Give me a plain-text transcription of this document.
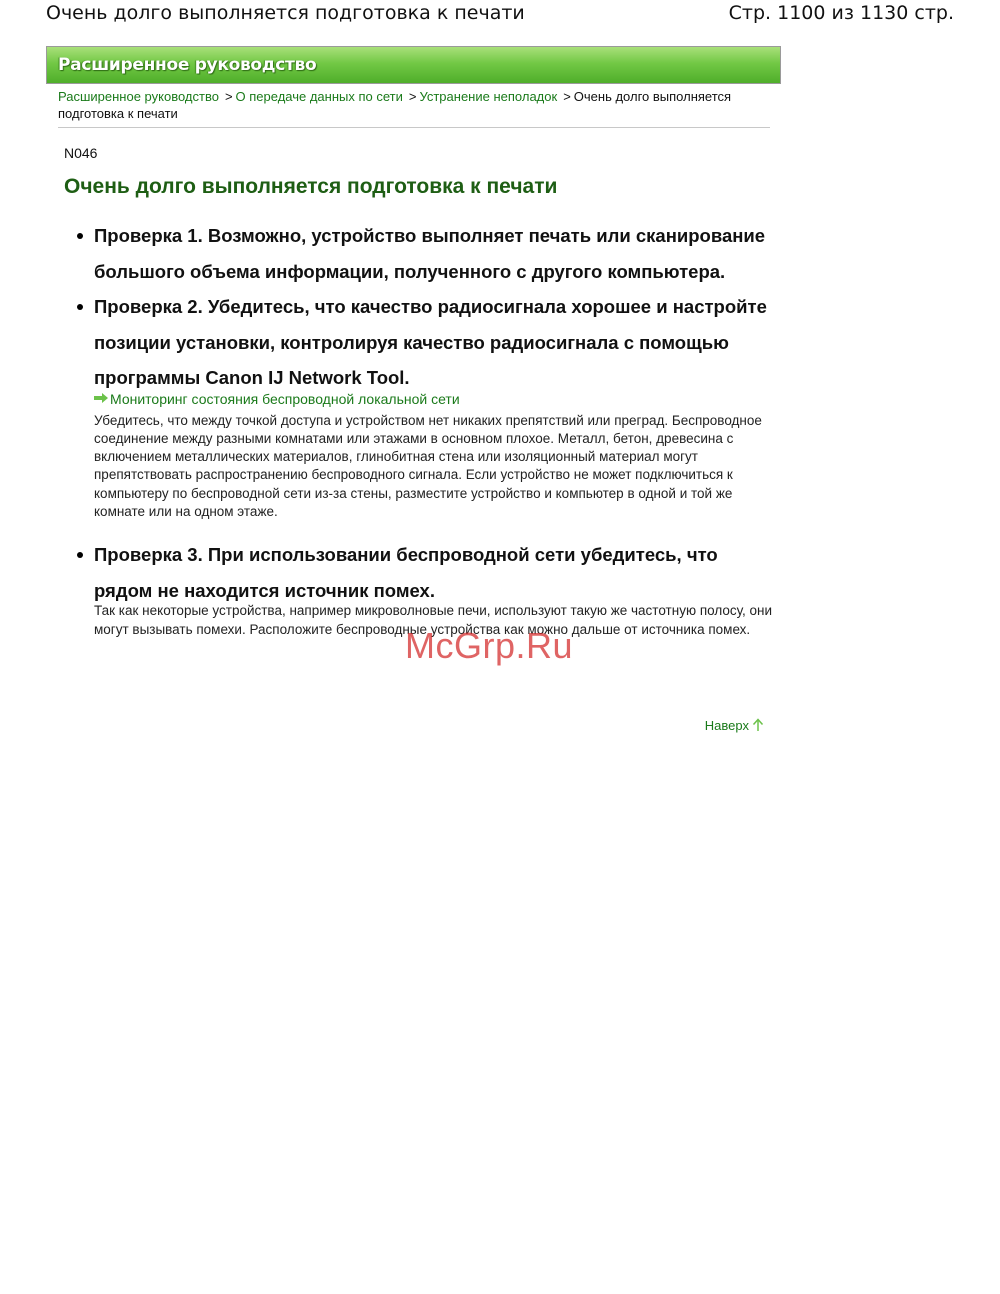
Очень долго выполняется подготовка к печати	Стр. 1100 из 1130 стр.
Расширенное руководство
Расширенное руководство > О передаче данных по сети > Устранение неполадок > Очень долго выполняется подготовка к печати
N046
Очень долго выполняется подготовка к печати
Проверка 1. Возможно, устройство выполняет печать или сканирование большого объема информации, полученного с другого компьютера.
Проверка 2. Убедитесь, что качество радиосигнала хорошее и настройте позиции установки, контролируя качество радиосигнала с помощью программы Canon IJ Network Tool.
Мониторинг состояния беспроводной локальной сети
Убедитесь, что между точкой доступа и устройством нет никаких препятствий или преград. Беспроводное соединение между разными комнатами или этажами в основном плохое. Металл, бетон, древесина с включением металлических материалов, глинобитная стена или изоляционный материал могут препятствовать распространению беспроводного сигнала. Если устройство не может подключиться к компьютеру по беспроводной сети из-за стены, разместите устройство и компьютер в одной и той же комнате или на одном этаже.
Проверка 3. При использовании беспроводной сети убедитесь, что рядом не находится источник помех.
Так как некоторые устройства, например микроволновые печи, используют такую же частотную полосу, они могут вызывать помехи. Расположите беспроводные устройства как можно дальше от источника помех.
McGrp.Ru
Наверх
